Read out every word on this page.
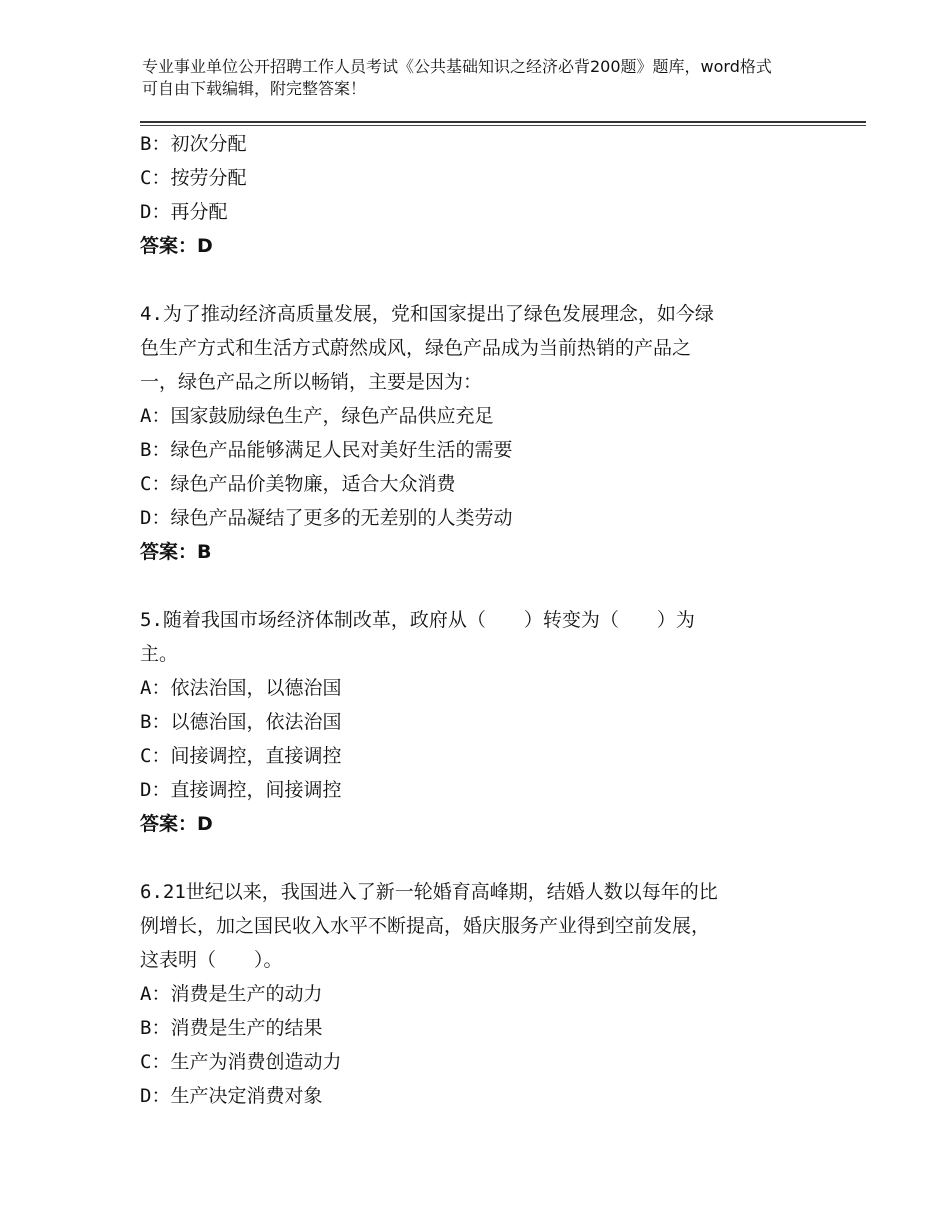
专业事业单位公开招聘工作人员考试《公共基础知识之经济必背200题》题库，word格式可自由下载编辑，附完整答案！
B：初次分配
C：按劳分配
D：再分配
答案：D
4.为了推动经济高质量发展，党和国家提出了绿色发展理念，如今绿
色生产方式和生活方式蔚然成风，绿色产品成为当前热销的产品之
一，绿色产品之所以畅销，主要是因为：
A：国家鼓励绿色生产，绿色产品供应充足
B：绿色产品能够满足人民对美好生活的需要
C：绿色产品价美物廉，适合大众消费
D：绿色产品凝结了更多的无差别的人类劳动
答案：B
5.随着我国市场经济体制改革，政府从（　　）转变为（　　）为
主。
A：依法治国，以德治国
B：以德治国，依法治国
C：间接调控，直接调控
D：直接调控，间接调控
答案：D
6.21世纪以来，我国进入了新一轮婚育高峰期，结婚人数以每年的比
例增长，加之国民收入水平不断提高，婚庆服务产业得到空前发展，
这表明（　　）。
A：消费是生产的动力
B：消费是生产的结果
C：生产为消费创造动力
D：生产决定消费对象
